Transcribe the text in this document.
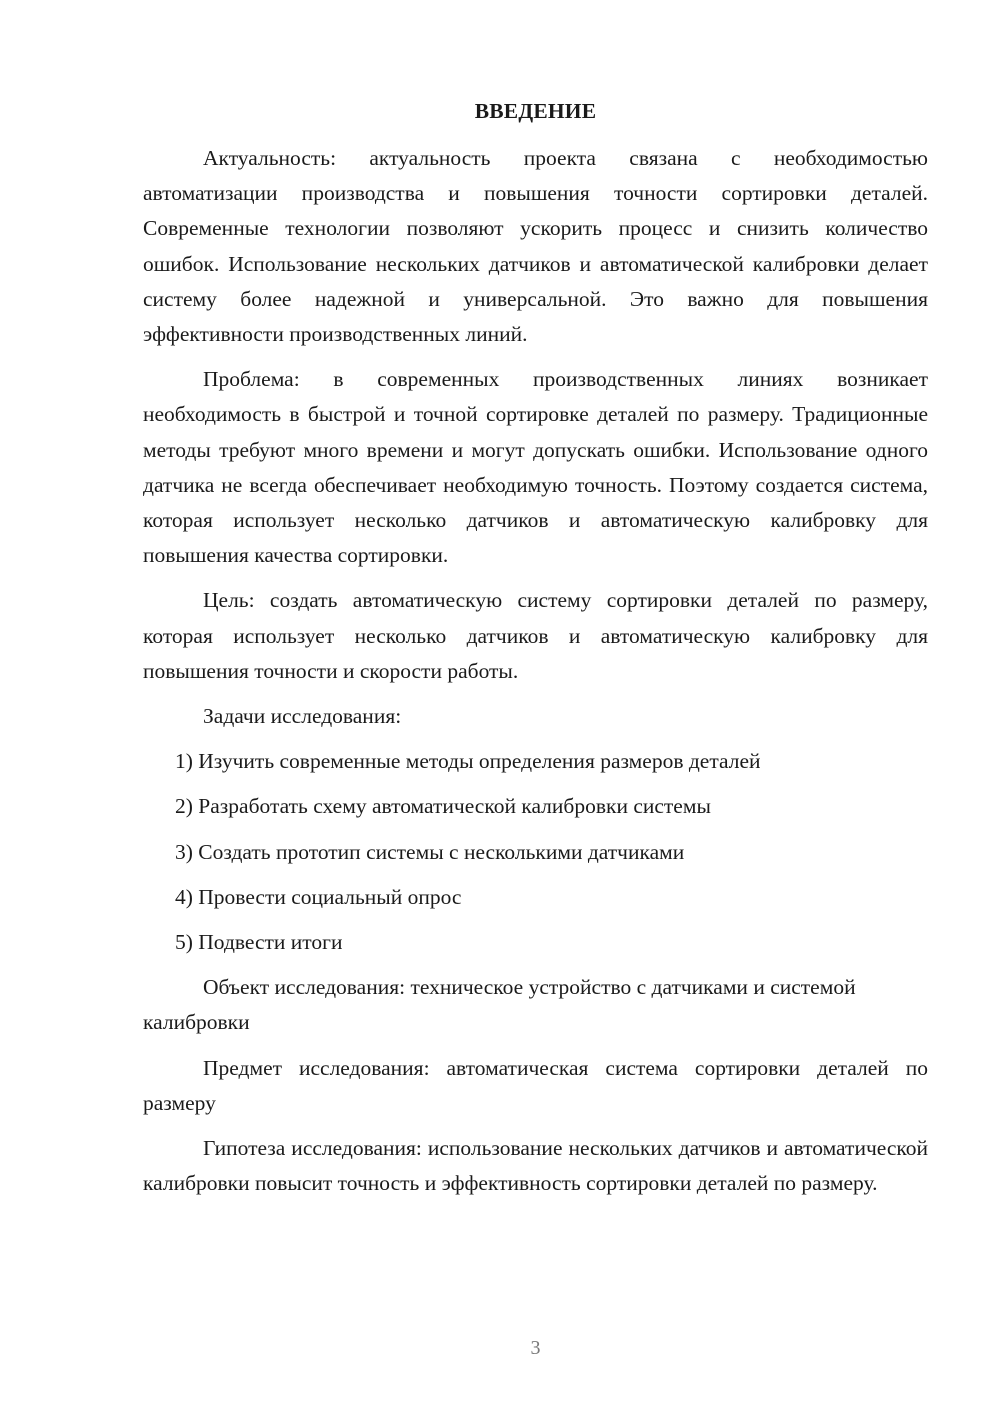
ВВЕДЕНИЕ

Актуальность: актуальность проекта связана с необходимостью автоматизации производства и повышения точности сортировки деталей. Современные технологии позволяют ускорить процесс и снизить количество ошибок. Использование нескольких датчиков и автоматической калибровки делает систему более надежной и универсальной. Это важно для повышения эффективности производственных линий.

Проблема: в современных производственных линиях возникает необходимость в быстрой и точной сортировке деталей по размеру. Традиционные методы требуют много времени и могут допускать ошибки. Использование одного датчика не всегда обеспечивает необходимую точность. Поэтому создается система, которая использует несколько датчиков и автоматическую калибровку для повышения качества сортировки.

Цель: создать автоматическую систему сортировки деталей по размеру, которая использует несколько датчиков и автоматическую калибровку для повышения точности и скорости работы.

Задачи исследования:

1) Изучить современные методы определения размеров деталей
2) Разработать схему автоматической калибровки системы
3) Создать прототип системы с несколькими датчиками
4) Провести социальный опрос
5) Подвести итоги

Объект исследования: техническое устройство с датчиками и системой калибровки

Предмет исследования: автоматическая система сортировки деталей по размеру

Гипотеза исследования: использование нескольких датчиков и автоматической калибровки повысит точность и эффективность сортировки деталей по размеру.

3
